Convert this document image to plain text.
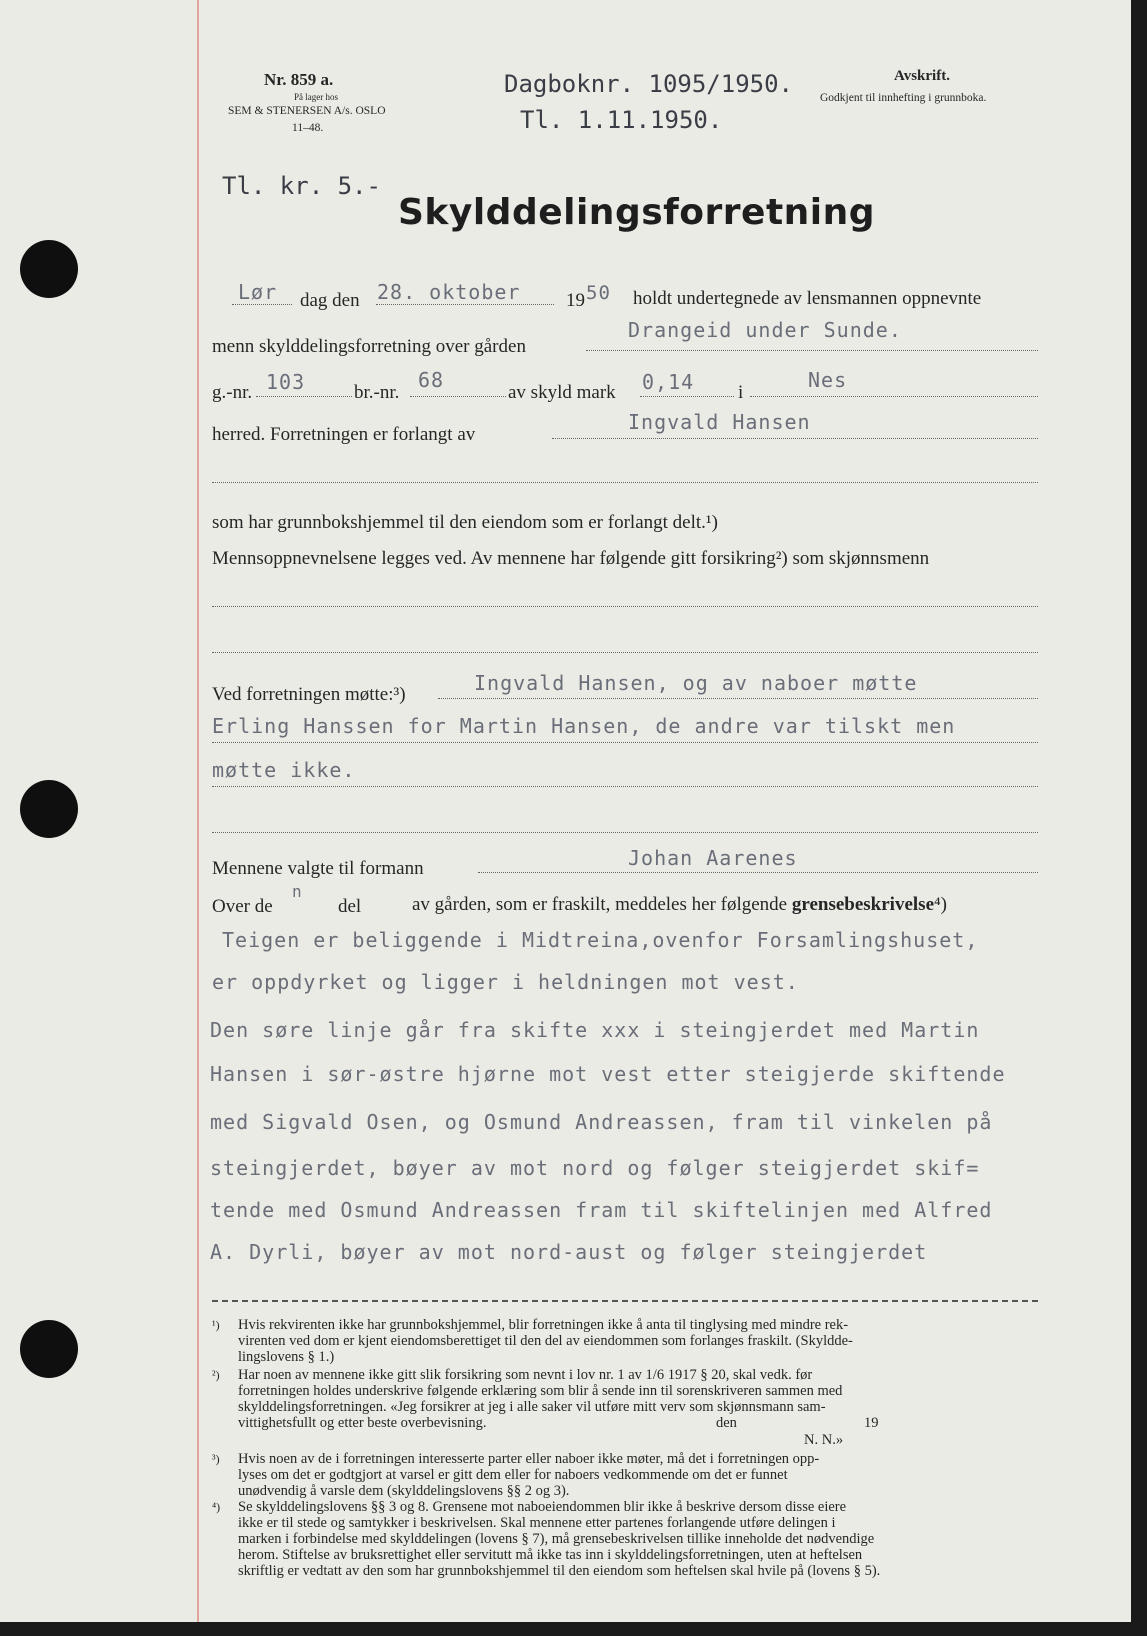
Nr. 859 a.
På lager hos
SEM & STENERSEN A/s. OSLO
11–48.
Dagboknr. 1095/1950.
Tl. 1.11.1950.
Avskrift.
Godkjent til innhefting i grunnboka.
Tl. kr. 5.-
Skylddelingsforretning
Lør dag den 28. oktober 19 50 holdt undertegnede av lensmannen oppnevnte
menn skylddelingsforretning over gården
Drangeid under Sunde.
g.-nr. 103	br.-nr.
68
av skyld mark 0,14 i
Nes
herred. Forretningen er forlangt av
Ingvald Hansen
som har grunnbokshjemmel til den eiendom som er forlangt delt.¹)
Mennsoppnevnelsene legges ved. Av mennene har følgende gitt forsikring²) som skjønnsmenn
Ved forretningen møtte:³)	Ingvald Hansen, og av naboer møtte
Erling Hanssen for Martin Hansen, de andre var tilskt men
møtte ikke.
Mennene valgte til formann	Johan Aarenes
Over de
n
del	av gården, som er fraskilt, meddeles her følgende grensebeskrivelse⁴)
Teigen er beliggende i Midtreina,ovenfor Forsamlingshuset,
er oppdyrket og ligger i heldningen mot vest.
Den søre linje går fra skifte xxx i steingjerdet med Martin
Hansen i sør-østre hjørne mot vest etter steigjerde skiftende
med Sigvald Osen, og Osmund Andreassen, fram til vinkelen på
steingjerdet, bøyer av mot nord og følger steigjerdet skif=
tende med Osmund Andreassen fram til skiftelinjen med Alfred
A. Dyrli, bøyer av mot nord-aust og følger steingjerdet
¹) Hvis rekvirenten ikke har grunnbokshjemmel, blir forretningen ikke å anta til tinglysing med mindre rek-
virenten ved dom er kjent eiendomsberettiget til den del av eiendommen som forlanges fraskilt. (Skyldde-
lingslovens § 1.)
²) Har noen av mennene ikke gitt slik forsikring som nevnt i lov nr. 1 av 1/6 1917 § 20, skal vedk. før
forretningen holdes underskrive følgende erklæring som blir å sende inn til sorenskriveren sammen med
skylddelingsforretningen. «Jeg forsikrer at jeg i alle saker vil utføre mitt verv som skjønnsmann sam-
vittighetsfullt og etter beste overbevisning.	den	19
N. N.»
³) Hvis noen av de i forretningen interesserte parter eller naboer ikke møter, må det i forretningen opp-
lyses om det er godtgjort at varsel er gitt dem eller for naboers vedkommende om det er funnet
unødvendig å varsle dem (skylddelingslovens §§ 2 og 3).
⁴) Se skylddelingslovens §§ 3 og 8. Grensene mot naboeiendommen blir ikke å beskrive dersom disse eiere
ikke er til stede og samtykker i beskrivelsen. Skal mennene etter partenes forlangende utføre delingen i
marken i forbindelse med skylddelingen (lovens § 7), må grensebeskrivelsen tillike inneholde det nødvendige
herom. Stiftelse av bruksrettighet eller servitutt må ikke tas inn i skylddelingsforretningen, uten at heftelsen
skriftlig er vedtatt av den som har grunnbokshjemmel til den eiendom som heftelsen skal hvile på (lovens § 5).
